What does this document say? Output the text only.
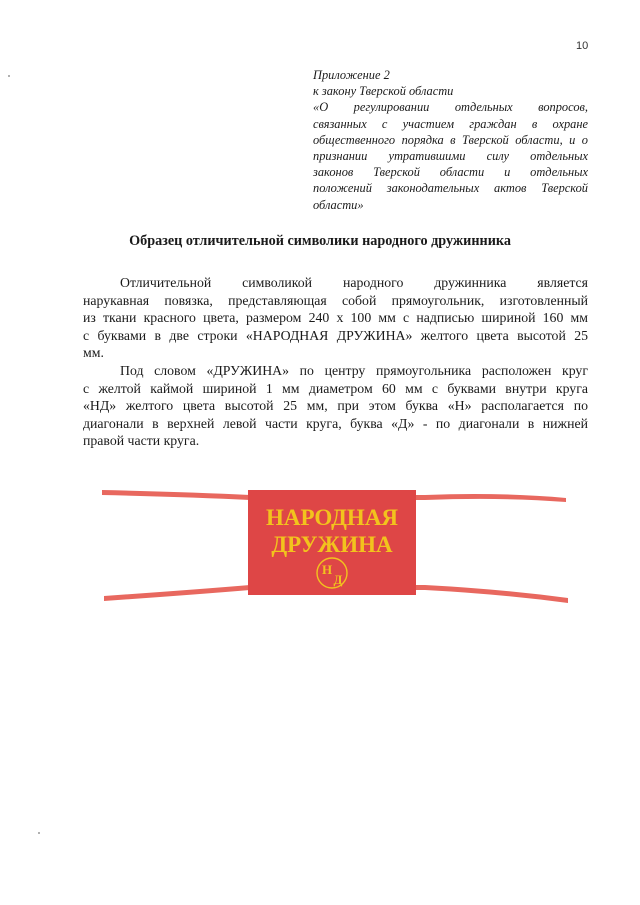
10
Приложение 2
к закону Тверской области
«О регулировании отдельных вопросов,
связанных с участием граждан в охране
общественного порядка в Тверской области, и о
признании утратившими силу отдельных
законов Тверской области и отдельных
положений законодательных актов Тверской
области»
Образец отличительной символики народного дружинника
Отличительной символикой народного дружинника является
нарукавная повязка, представляющая собой прямоугольник, изготовленный
из ткани красного цвета, размером 240 х 100 мм с надписью шириной 160 мм
с буквами в две строки «НАРОДНАЯ ДРУЖИНА» желтого цвета высотой 25
мм.
Под словом «ДРУЖИНА» по центру прямоугольника расположен круг
с желтой каймой шириной 1 мм диаметром 60 мм с буквами внутри круга
«НД» желтого цвета высотой 25 мм, при этом буква «Н» располагается по
диагонали в верхней левой части круга, буква «Д» - по диагонали в нижней
правой части круга.
НАРОДНАЯ
ДРУЖИНА
Н
Д
